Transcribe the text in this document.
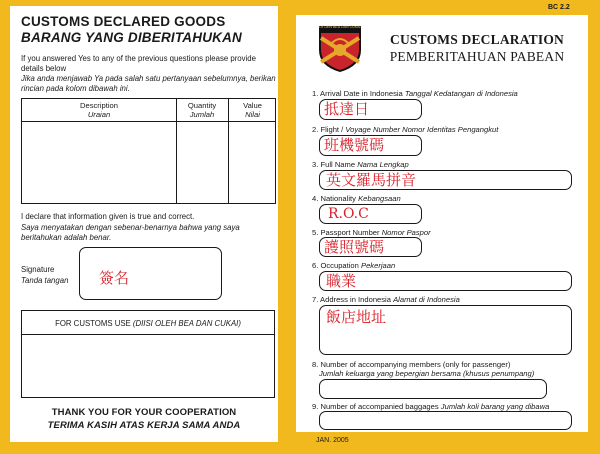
CUSTOMS DECLARED GOODS
BARANG YANG DIBERITAHUKAN
If you answered Yes to any of the previous questions please provide details below
Jika anda menjawab Ya pada salah satu pertanyaan sebelumnya, berikan rincian pada kolom dibawah ini.
Description
Uraian
Quantity
Jumlah
Value
Nilai
I declare that information given is true and correct.
Saya menyatakan dengan sebenar-benarnya bahwa yang saya beritahukan adalah benar.
Signature
Tanda tangan 簽名
FOR CUSTOMS USE (DIISI OLEH BEA DAN CUKAI)
THANK YOU FOR YOUR COOPERATION
TERIMA KASIH ATAS KERJA SAMA ANDA
BC 2.2
DITJEN BEA DAN CUKAI
CUSTOMS DECLARATION
PEMBERITAHUAN PABEAN
1. Arrival Date in Indonesia Tanggal Kedatangan di Indonesia
抵達日
2. Flight / Voyage Number Nomor Identitas Pengangkut
班機號碼
3. Full Name Nama Lengkap
英文羅馬拼音
4. Nationality Kebangsaan
R.O.C
5. Passport Number Nomor Paspor
護照號碼
6. Occupation Pekerjaan
職業
7. Address in Indonesia Alamat di Indonesia
飯店地址
8. Number of accompanying members (only for passenger)
Jumlah keluarga yang bepergian bersama (khusus penumpang)
9. Number of accompanied baggages Jumlah koli barang yang dibawa
JAN. 2005
